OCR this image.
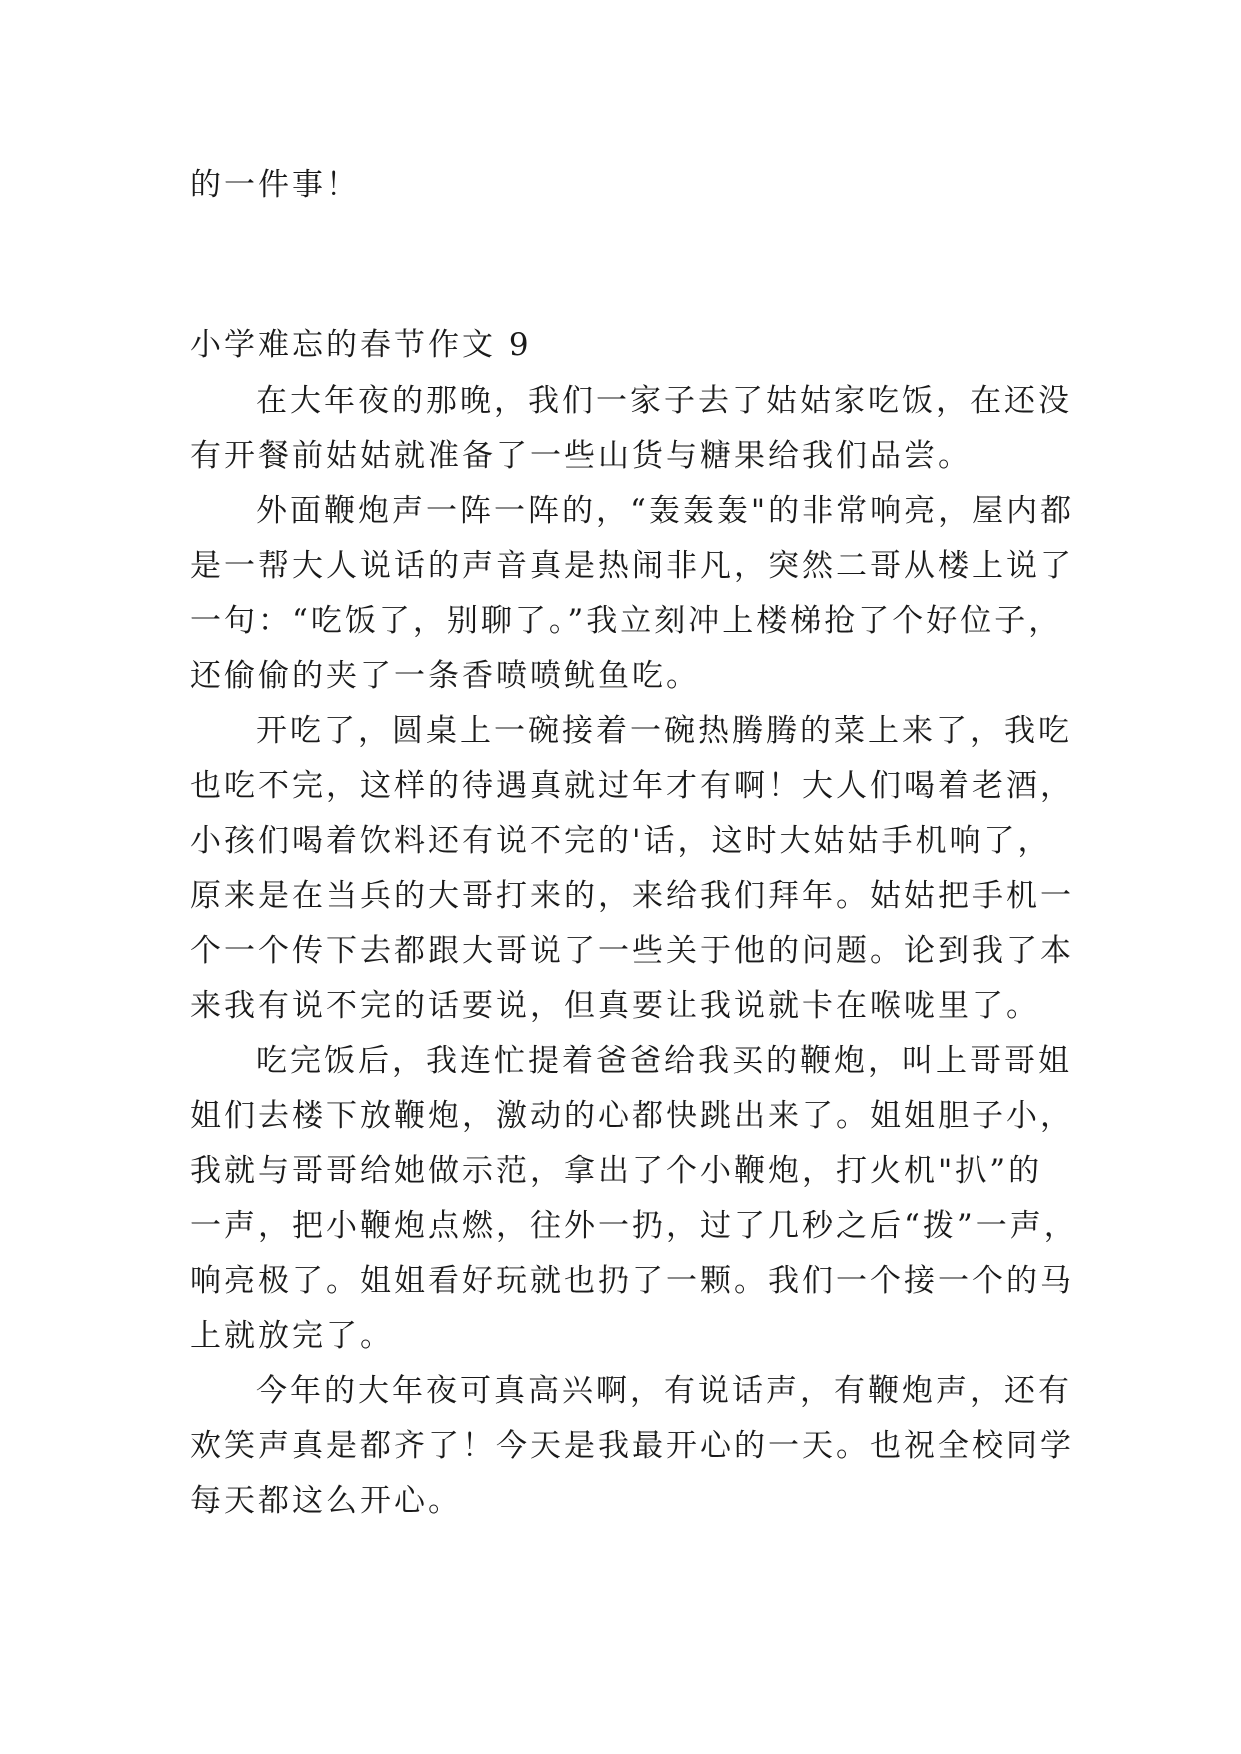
的一件事！
小学难忘的春节作文 9
在大年夜的那晚，我们一家子去了姑姑家吃饭，在还没
有开餐前姑姑就准备了一些山货与糖果给我们品尝。
外面鞭炮声一阵一阵的，“轰轰轰"的非常响亮，屋内都
是一帮大人说话的声音真是热闹非凡，突然二哥从楼上说了
一句：“吃饭了，别聊了。”我立刻冲上楼梯抢了个好位子，
还偷偷的夹了一条香喷喷鱿鱼吃。
开吃了，圆桌上一碗接着一碗热腾腾的菜上来了，我吃
也吃不完，这样的待遇真就过年才有啊！大人们喝着老酒，
小孩们喝着饮料还有说不完的'话，这时大姑姑手机响了，
原来是在当兵的大哥打来的，来给我们拜年。姑姑把手机一
个一个传下去都跟大哥说了一些关于他的问题。论到我了本
来我有说不完的话要说，但真要让我说就卡在喉咙里了。
吃完饭后，我连忙提着爸爸给我买的鞭炮，叫上哥哥姐
姐们去楼下放鞭炮，激动的心都快跳出来了。姐姐胆子小，
我就与哥哥给她做示范，拿出了个小鞭炮，打火机"扒”的
一声，把小鞭炮点燃，往外一扔，过了几秒之后“拨”一声，
响亮极了。姐姐看好玩就也扔了一颗。我们一个接一个的马
上就放完了。
今年的大年夜可真高兴啊，有说话声，有鞭炮声，还有
欢笑声真是都齐了！今天是我最开心的一天。也祝全校同学
每天都这么开心。
